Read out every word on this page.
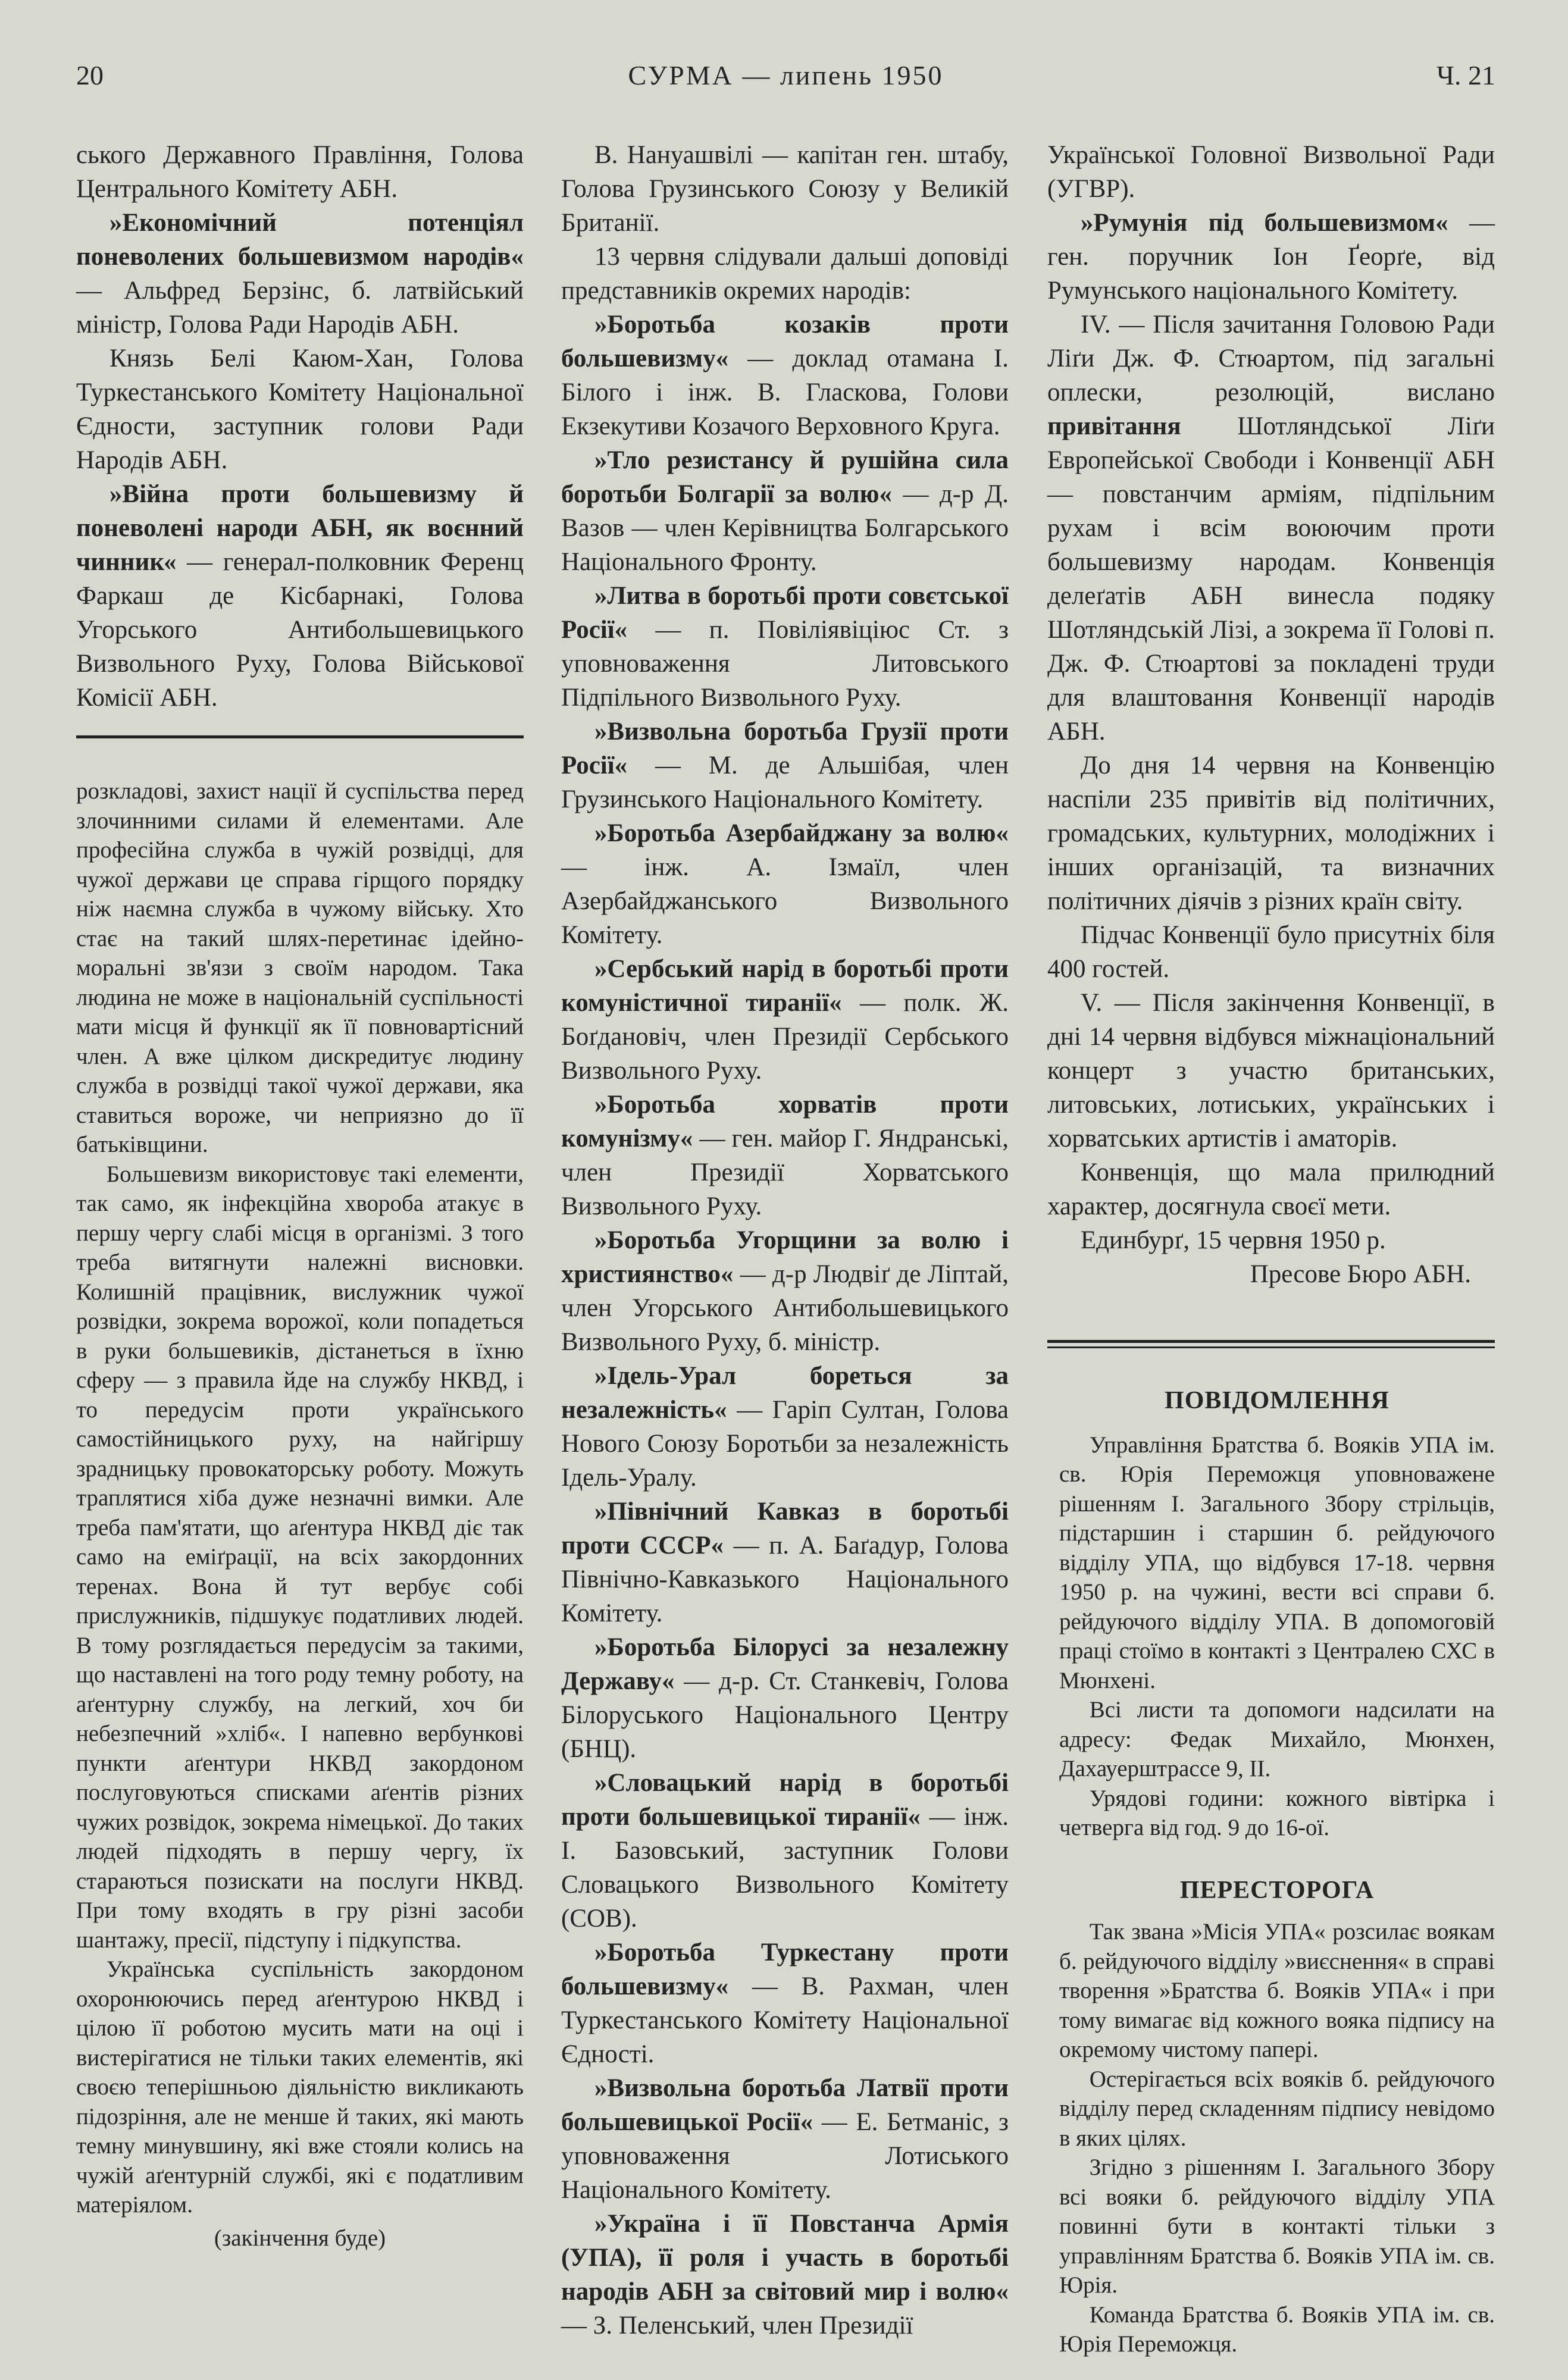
20	СУРМА — липень 1950	Ч. 21

ського Державного Правління, Голова Центрального Комітету АБН.

»Економічний потенціял поневолених большевизмом народів« — Альфред Берзінс, б. латвійський міністр, Голова Ради Народів АБН.

Князь Белі Каюм-Хан, Голова Туркестанського Комітету Національної Єдности, заступник голови Ради Народів АБН.

»Війна проти большевизму й поневолені народи АБН, як воєнний чинник« — генерал-полковник Ференц Фаркаш де Кісбарнакі, Голова Угорського Антибольшевицького Визвольного Руху, Голова Військової Комісії АБН.

розкладові, захист нації й суспільства перед злочинними силами й елементами. Але професійна служба в чужій розвідці, для чужої держави це справа гірщого порядку ніж наємна служба в чужому війську. Хто стає на такий шлях-перетинає ідейно-моральні зв'язи з своїм народом. Така людина не може в національній суспільності мати місця й функції як її повновартісний член. А вже цілком дискредитує людину служба в розвідці такої чужої держави, яка ставиться вороже, чи неприязно до її батьківщини.

Большевизм використовує такі елементи, так само, як інфекційна хвороба атакує в першу чергу слабі місця в організмі. З того треба витягнути належні висновки. Колишній працівник, вислужник чужої розвідки, зокрема ворожої, коли попадеться в руки большевиків, дістанеться в їхню сферу — з правила йде на службу НКВД, і то передусім проти українського самостійницького руху, на найгіршу зрадницьку провокаторську роботу. Можуть траплятися хіба дуже незначні вимки. Але треба пам'ятати, що аґентура НКВД діє так само на еміґрації, на всіх закордонних теренах. Вона й тут вербує собі прислужників, підшукує податливих людей. В тому розглядається передусім за такими, що наставлені на того роду темну роботу, на аґентурну службу, на легкий, хоч би небезпечний »хліб«. І напевно вербункові пункти аґентури НКВД закордоном послуговуються списками аґентів різних чужих розвідок, зокрема німецької. До таких людей підходять в першу чергу, їх стараються позискати на послуги НКВД. При тому входять в гру різні засоби шантажу, пресії, підступу і підкупства.

Українська суспільність закордоном охоронюючись перед аґентурою НКВД і цілою її роботою мусить мати на оці і вистерігатися не тільки таких елементів, які своєю теперішньою діяльністю викликають підозріння, але не менше й таких, які мають темну минувшину, які вже стояли колись на чужій аґентурній службі, які є податливим матеріялом.

(закінчення буде)

В. Нануашвілі — капітан ген. штабу, Голова Грузинського Союзу у Великій Британії.

13 червня слідували дальші доповіді представників окремих народів:

»Боротьба козаків проти большевизму« — доклад отамана І. Білого і інж. В. Гласкова, Голови Екзекутиви Козачого Верховного Круга.

»Тло резистансу й рушійна сила боротьби Болгарії за волю« — д-р Д. Вазов — член Керівництва Болгарського Національного Фронту.

»Литва в боротьбі проти совєтської Росії« — п. Повіліявіціюс Ст. з уповноваження Литовського Підпільного Визвольного Руху.

»Визвольна боротьба Грузії проти Росії« — М. де Альшібая, член Грузинського Національного Комітету.

»Боротьба Азербайджану за волю« — інж. А. Ізмаїл, член Азербайджанського Визвольного Комітету.

»Сербський нарід в боротьбі проти комуністичної тиранії« — полк. Ж. Боґдановіч, член Президії Сербського Визвольного Руху.

»Боротьба хорватів проти комунізму« — ген. майор Г. Яндранські, член Президії Хорватського Визвольного Руху.

»Боротьба Угорщини за волю і християнство« — д-р Людвіґ де Ліптай, член Угорського Антибольшевицького Визвольного Руху, б. міністр.

»Ідель-Урал бореться за незалежність« — Гаріп Султан, Голова Нового Союзу Боротьби за незалежність Ідель-Уралу.

»Північний Кавказ в боротьбі проти СССР« — п. А. Баґадур, Голова Північно-Кавказького Національного Комітету.

»Боротьба Білорусі за незалежну Державу« — д-р. Ст. Станкевіч, Голова Білоруського Національного Центру (БНЦ).

»Словацький нарід в боротьбі проти большевицької тиранії« — інж. І. Базовський, заступник Голови Словацького Визвольного Комітету (СОВ).

»Боротьба Туркестану проти большевизму« — В. Рахман, член Туркестанського Комітету Національної Єдності.

»Визвольна боротьба Латвії проти большевицької Росії« — Е. Бетманіс, з уповноваження Лотиського Національного Комітету.

»Україна і її Повстанча Армія (УПА), її роля і участь в боротьбі народів АБН за світовий мир і волю« — З. Пеленський, член Президії

Української Головної Визвольної Ради (УГВР).

»Румунія під большевизмом« — ген. поручник Іон Ґеорґе, від Румунського національного Комітету.

IV. — Після зачитання Головою Ради Ліґи Дж. Ф. Стюартом, під загальні оплески, резолюцій, вислано привітання Шотляндської Ліґи Европейської Свободи і Конвенції АБН — повстанчим арміям, підпільним рухам і всім воюючим проти большевизму народам. Конвенція делеґатів АБН винесла подяку Шотляндській Лізі, а зокрема її Голові п. Дж. Ф. Стюартові за покладені труди для влаштовання Конвенції народів АБН.

До дня 14 червня на Конвенцію наспіли 235 привітів від політичних, громадських, культурних, молодіжних і інших організацій, та визначних політичних діячів з різних країн світу.

Підчас Конвенції було присутніх біля 400 гостей.

V. — Після закінчення Конвенції, в дні 14 червня відбувся міжнаціональний концерт з участю британських, литовських, лотиських, українських і хорватських артистів і аматорів.

Конвенція, що мала прилюдний характер, досягнула своєї мети.

Единбурґ, 15 червня 1950 р.

Пресове Бюро АБН.

ПОВІДОМЛЕННЯ

Управління Братства б. Вояків УПА ім. св. Юрія Переможця уповноважене рішенням І. Загального Збору стрільців, підстаршин і старшин б. рейдуючого відділу УПА, що відбувся 17-18. червня 1950 р. на чужині, вести всі справи б. рейдуючого відділу УПА. В допомоговій праці стоїмо в контакті з Централею СХС в Мюнхені.

Всі листи та допомоги надсилати на адресу: Федак Михайло, Мюнхен, Дахауерштрассе 9, II.

Урядові години: кожного вівтірка і четверга від год. 9 до 16-ої.

ПЕРЕСТОРОГА

Так звана »Місія УПА« розсилає воякам б. рейдуючого відділу »виєснення« в справі творення »Братства б. Вояків УПА« і при тому вимагає від кожного вояка підпису на окремому чистому папері.

Остерігається всіх вояків б. рейдуючого відділу перед складенням підпису невідомо в яких цілях.

Згідно з рішенням І. Загального Збору всі вояки б. рейдуючого відділу УПА повинні бути в контакті тільки з управлінням Братства б. Вояків УПА ім. св. Юрія.

Команда Братства б. Вояків УПА ім. св. Юрія Переможця.
